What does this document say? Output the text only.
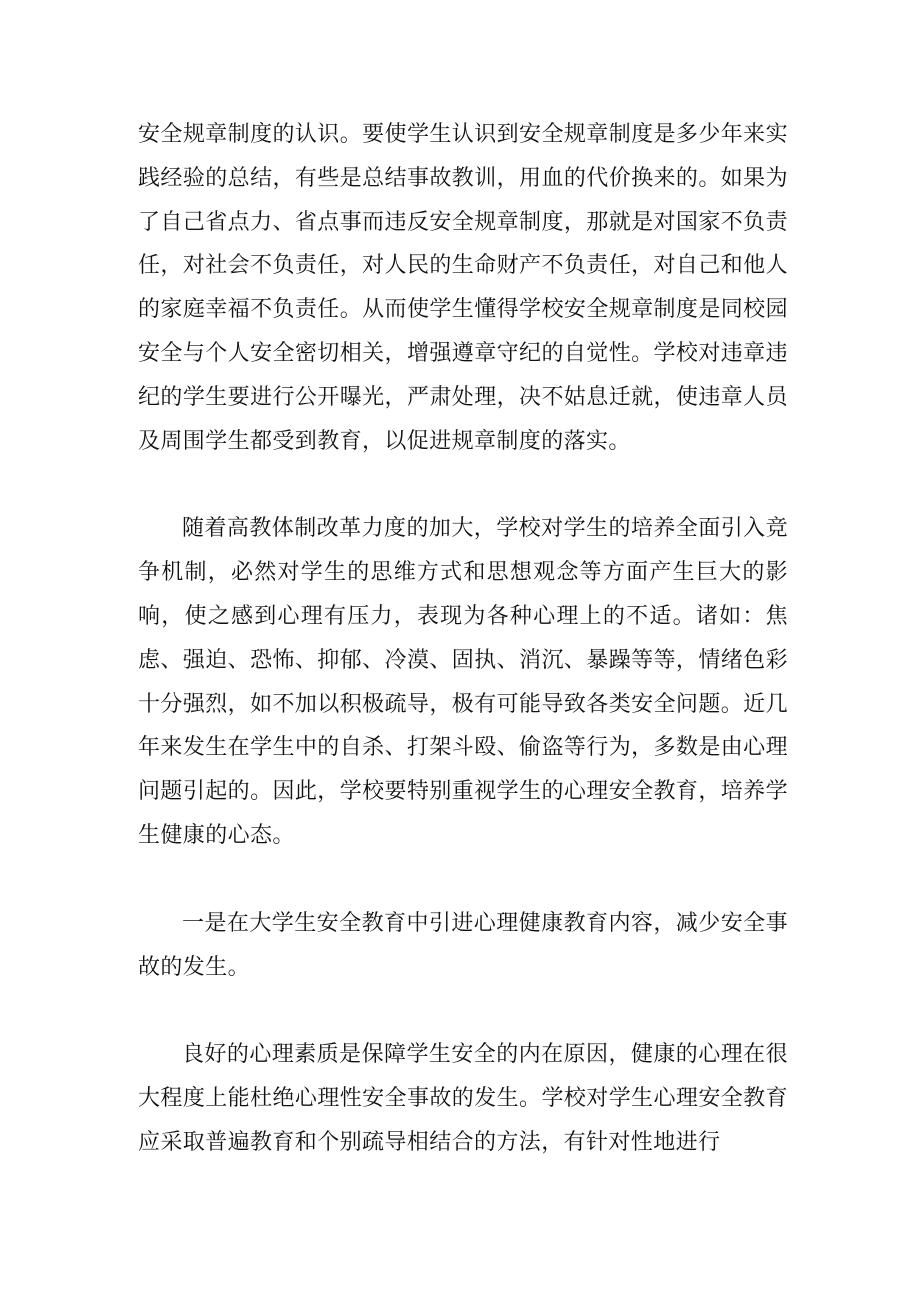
安全规章制度的认识。要使学生认识到安全规章制度是多少年来实践经验的总结，有些是总结事故教训，用血的代价换来的。如果为了自己省点力、省点事而违反安全规章制度，那就是对国家不负责任，对社会不负责任，对人民的生命财产不负责任，对自己和他人的家庭幸福不负责任。从而使学生懂得学校安全规章制度是同校园安全与个人安全密切相关，增强遵章守纪的自觉性。学校对违章违纪的学生要进行公开曝光，严肃处理，决不姑息迁就，使违章人员及周围学生都受到教育，以促进规章制度的落实。

随着高教体制改革力度的加大，学校对学生的培养全面引入竞争机制，必然对学生的思维方式和思想观念等方面产生巨大的影响，使之感到心理有压力，表现为各种心理上的不适。诸如：焦虑、强迫、恐怖、抑郁、冷漠、固执、消沉、暴躁等等，情绪色彩十分强烈，如不加以积极疏导，极有可能导致各类安全问题。近几年来发生在学生中的自杀、打架斗殴、偷盗等行为，多数是由心理问题引起的。因此，学校要特别重视学生的心理安全教育，培养学生健康的心态。

一是在大学生安全教育中引进心理健康教育内容，减少安全事故的发生。

良好的心理素质是保障学生安全的内在原因，健康的心理在很大程度上能杜绝心理性安全事故的发生。学校对学生心理安全教育应采取普遍教育和个别疏导相结合的方法，有针对性地进行
